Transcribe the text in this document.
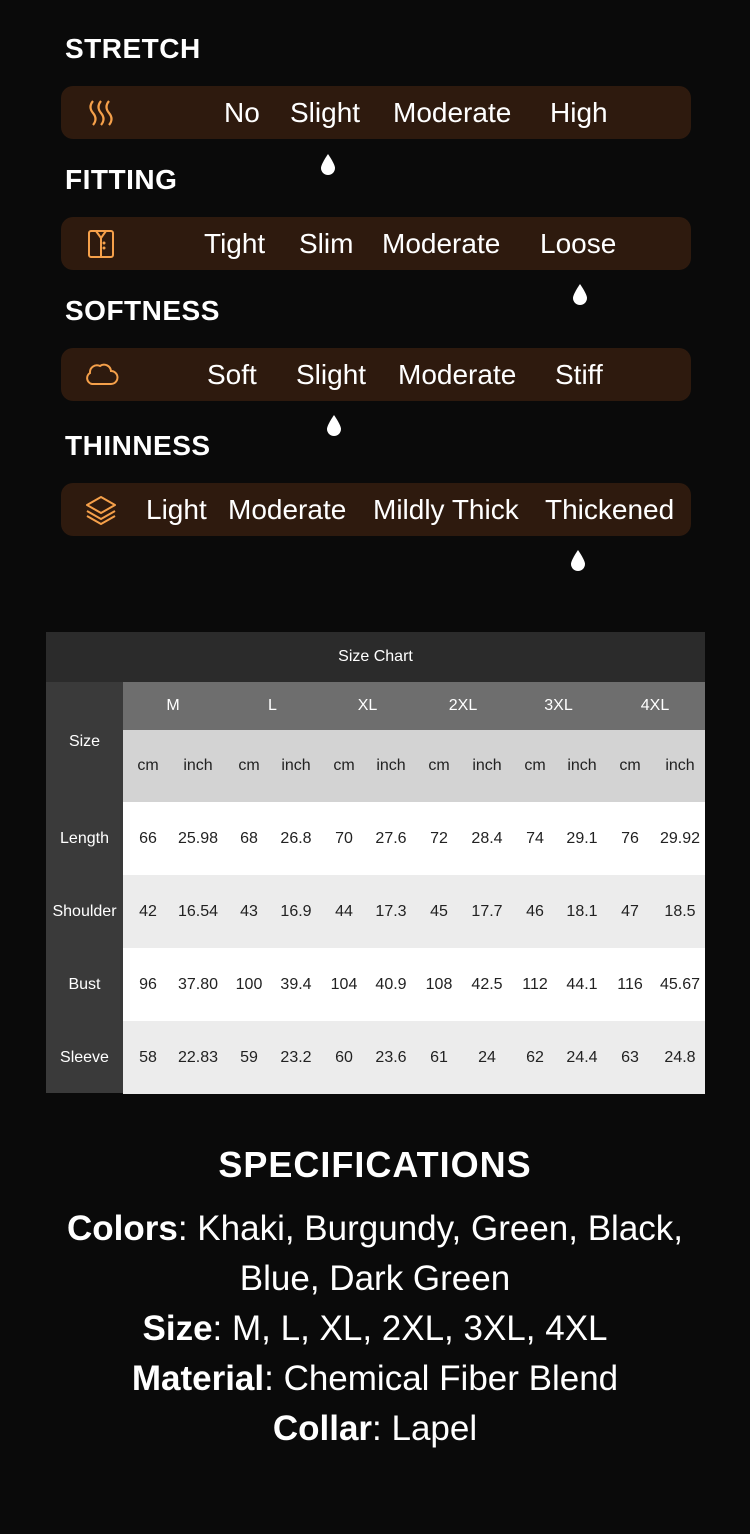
STRETCH
No Slight Moderate High
FITTING
Tight Slim Moderate Loose
SOFTNESS
Soft Slight Moderate Stiff
THINNESS
Light Moderate Mildly Thick Thickened
Size Chart
M	L	XL	2XL	3XL	4XL
cm	inch	cm	inch	cm	inch	cm	inch	cm	inch	cm	inch
Size
Length	66	25.98	68	26.8	70	27.6	72	28.4	74	29.1	76	29.92
Shoulder	42	16.54	43	16.9	44	17.3	45	17.7	46	18.1	47	18.5
Bust	96	37.80	100	39.4	104	40.9	108	42.5	112	44.1	116	45.67
Sleeve	58	22.83	59	23.2	60	23.6	61	24	62	24.4	63	24.8
SPECIFICATIONS
Colors: Khaki, Burgundy, Green, Black,
Blue, Dark Green
Size: M, L, XL, 2XL, 3XL, 4XL
Material: Chemical Fiber Blend
Collar: Lapel
